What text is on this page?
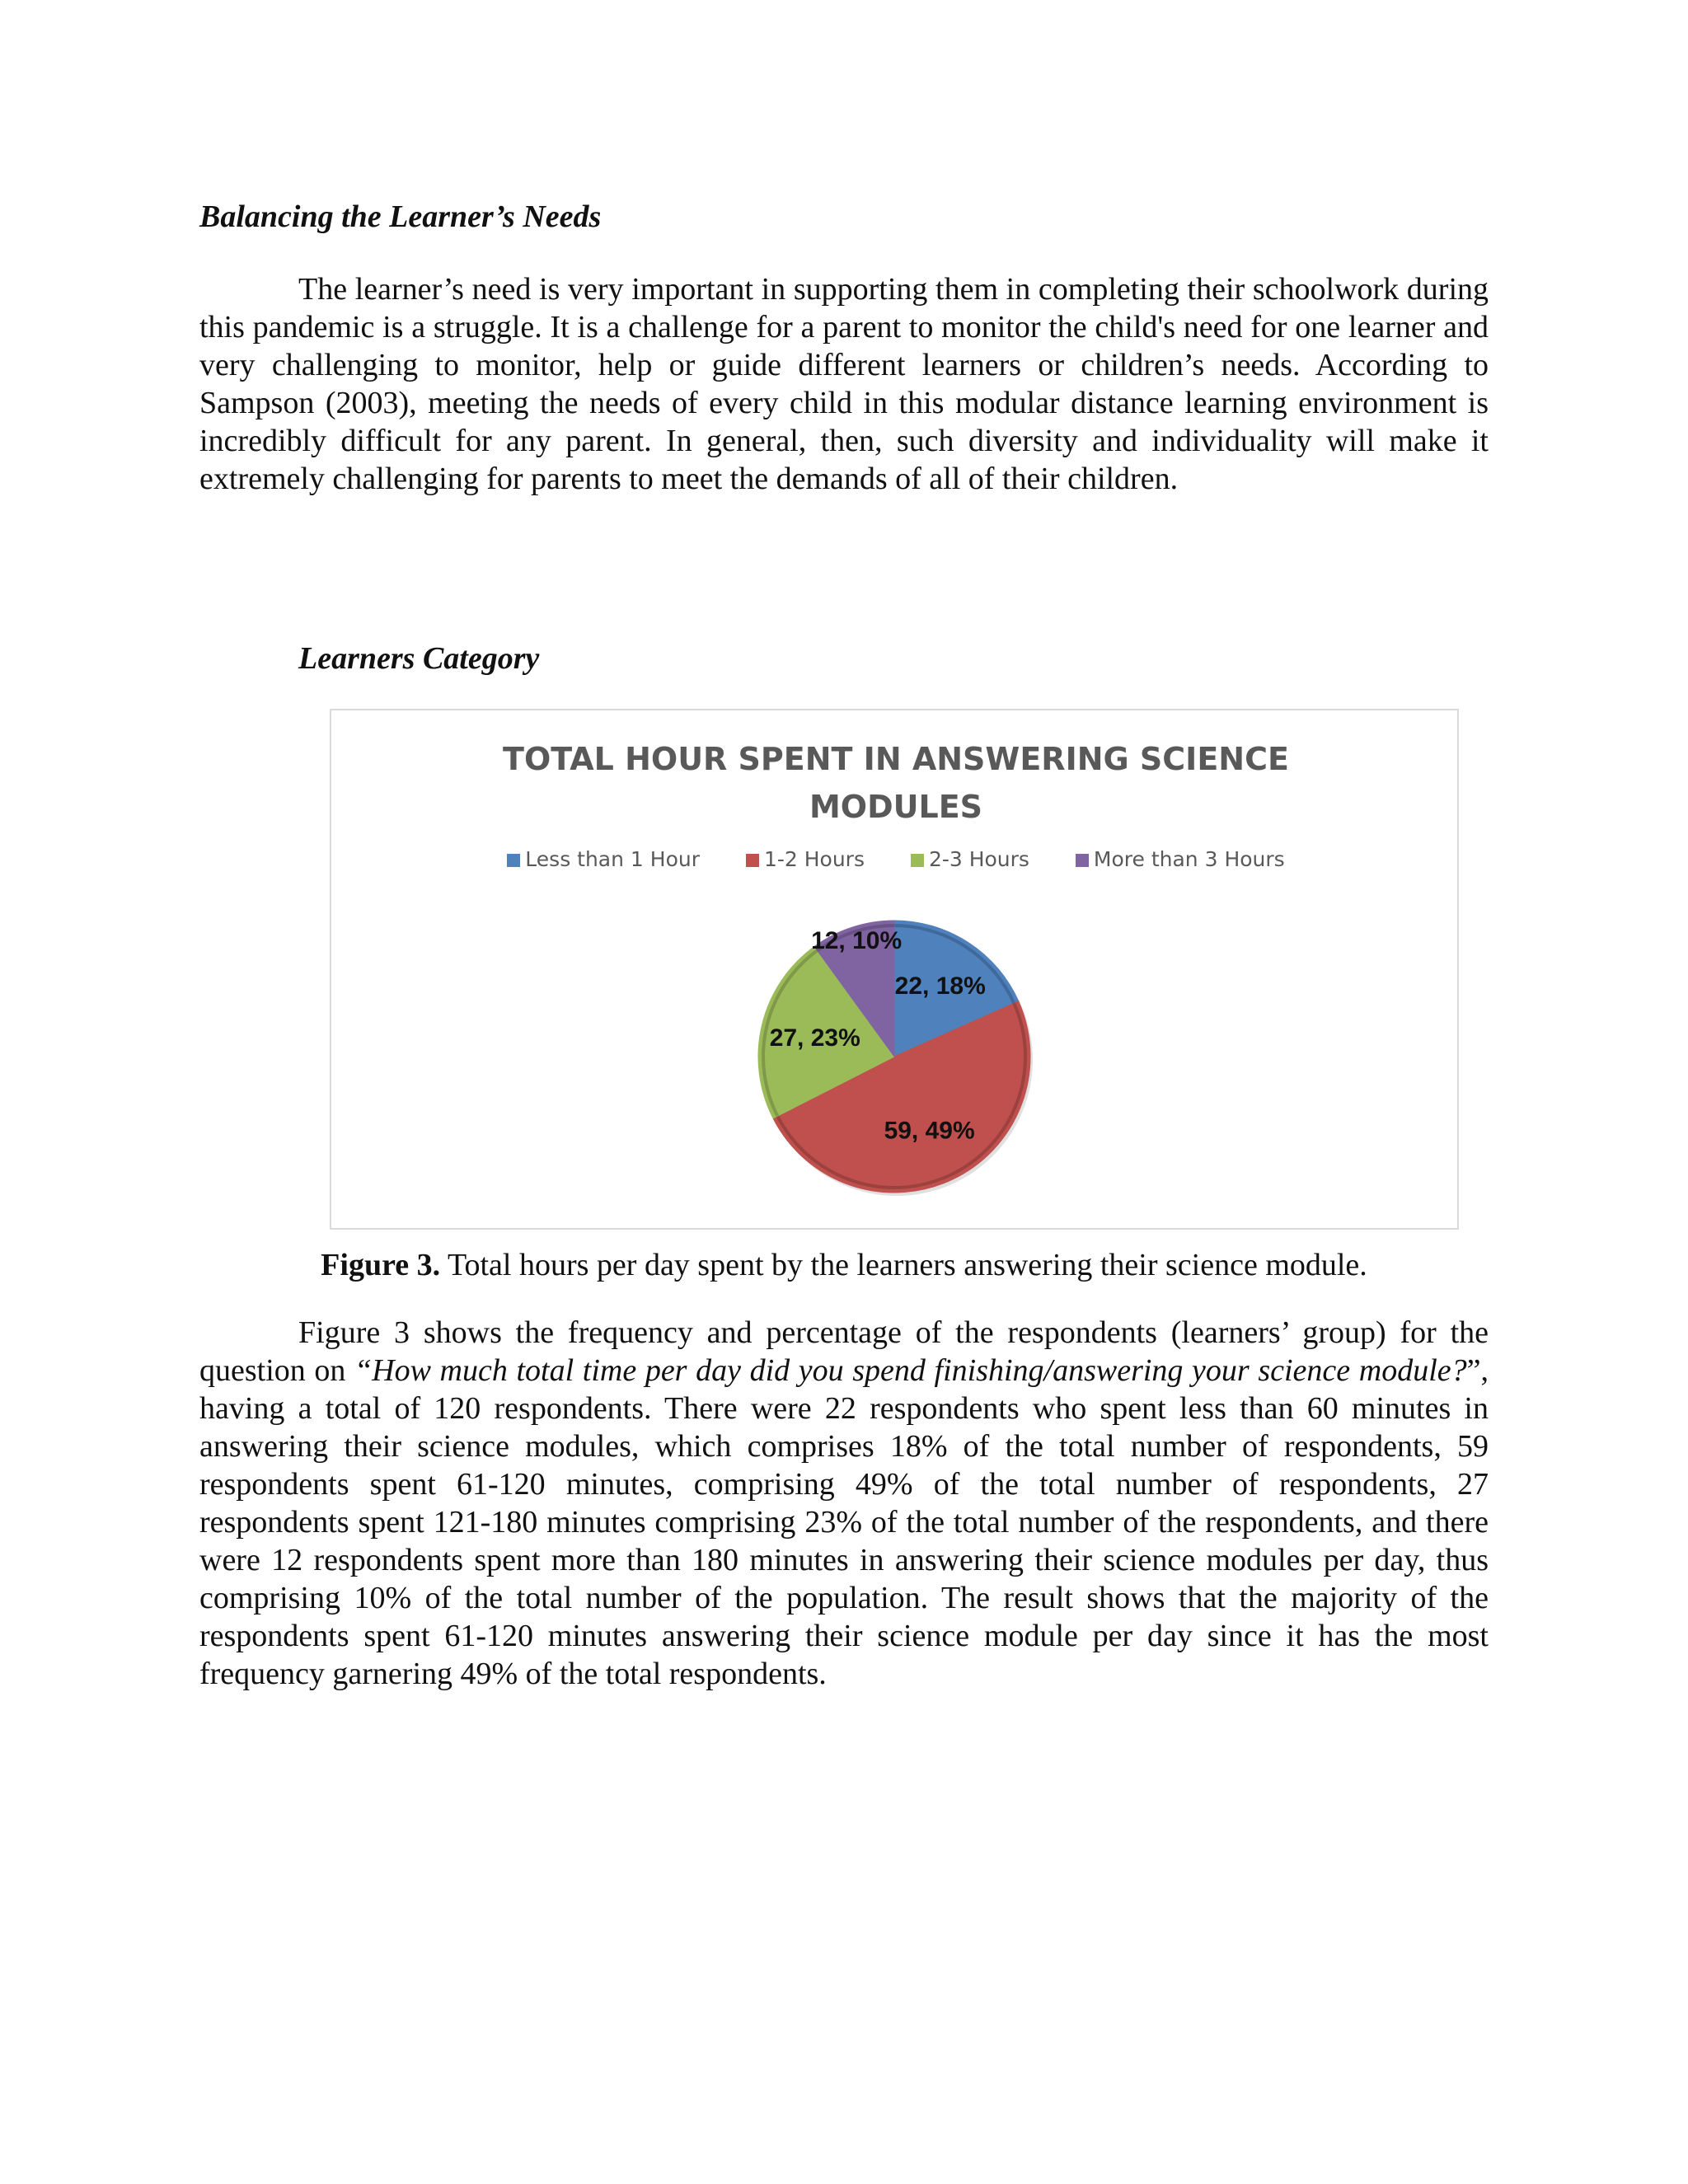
Balancing the Learner’s Needs

The learner’s need is very important in supporting them in completing their schoolwork during this pandemic is a struggle. It is a challenge for a parent to monitor the child's need for one learner and very challenging to monitor, help or guide different learners or children’s needs. According to Sampson (2003), meeting the needs of every child in this modular distance learning environment is incredibly difficult for any parent. In general, then, such diversity and individuality will make it extremely challenging for parents to meet the demands of all of their children.

Learners Category
TOTAL HOUR SPENT IN ANSWERING SCIENCE MODULES
Less than 1 Hour	1-2 Hours	2-3 Hours	More than 3 Hours
22, 18%
59, 49%
27, 23%
12, 10%

Figure 3. Total hours per day spent by the learners answering their science module.

Figure 3 shows the frequency and percentage of the respondents (learners’ group) for the question on “How much total time per day did you spend finishing/answering your science module?”, having a total of 120 respondents. There were 22 respondents who spent less than 60 minutes in answering their science modules, which comprises 18% of the total number of respondents, 59 respondents spent 61-120 minutes, comprising 49% of the total number of respondents, 27 respondents spent 121-180 minutes comprising 23% of the total number of the respondents, and there were 12 respondents spent more than 180 minutes in answering their science modules per day, thus comprising 10% of the total number of the population. The result shows that the majority of the respondents spent 61-120 minutes answering their science module per day since it has the most frequency garnering 49% of the total respondents.
